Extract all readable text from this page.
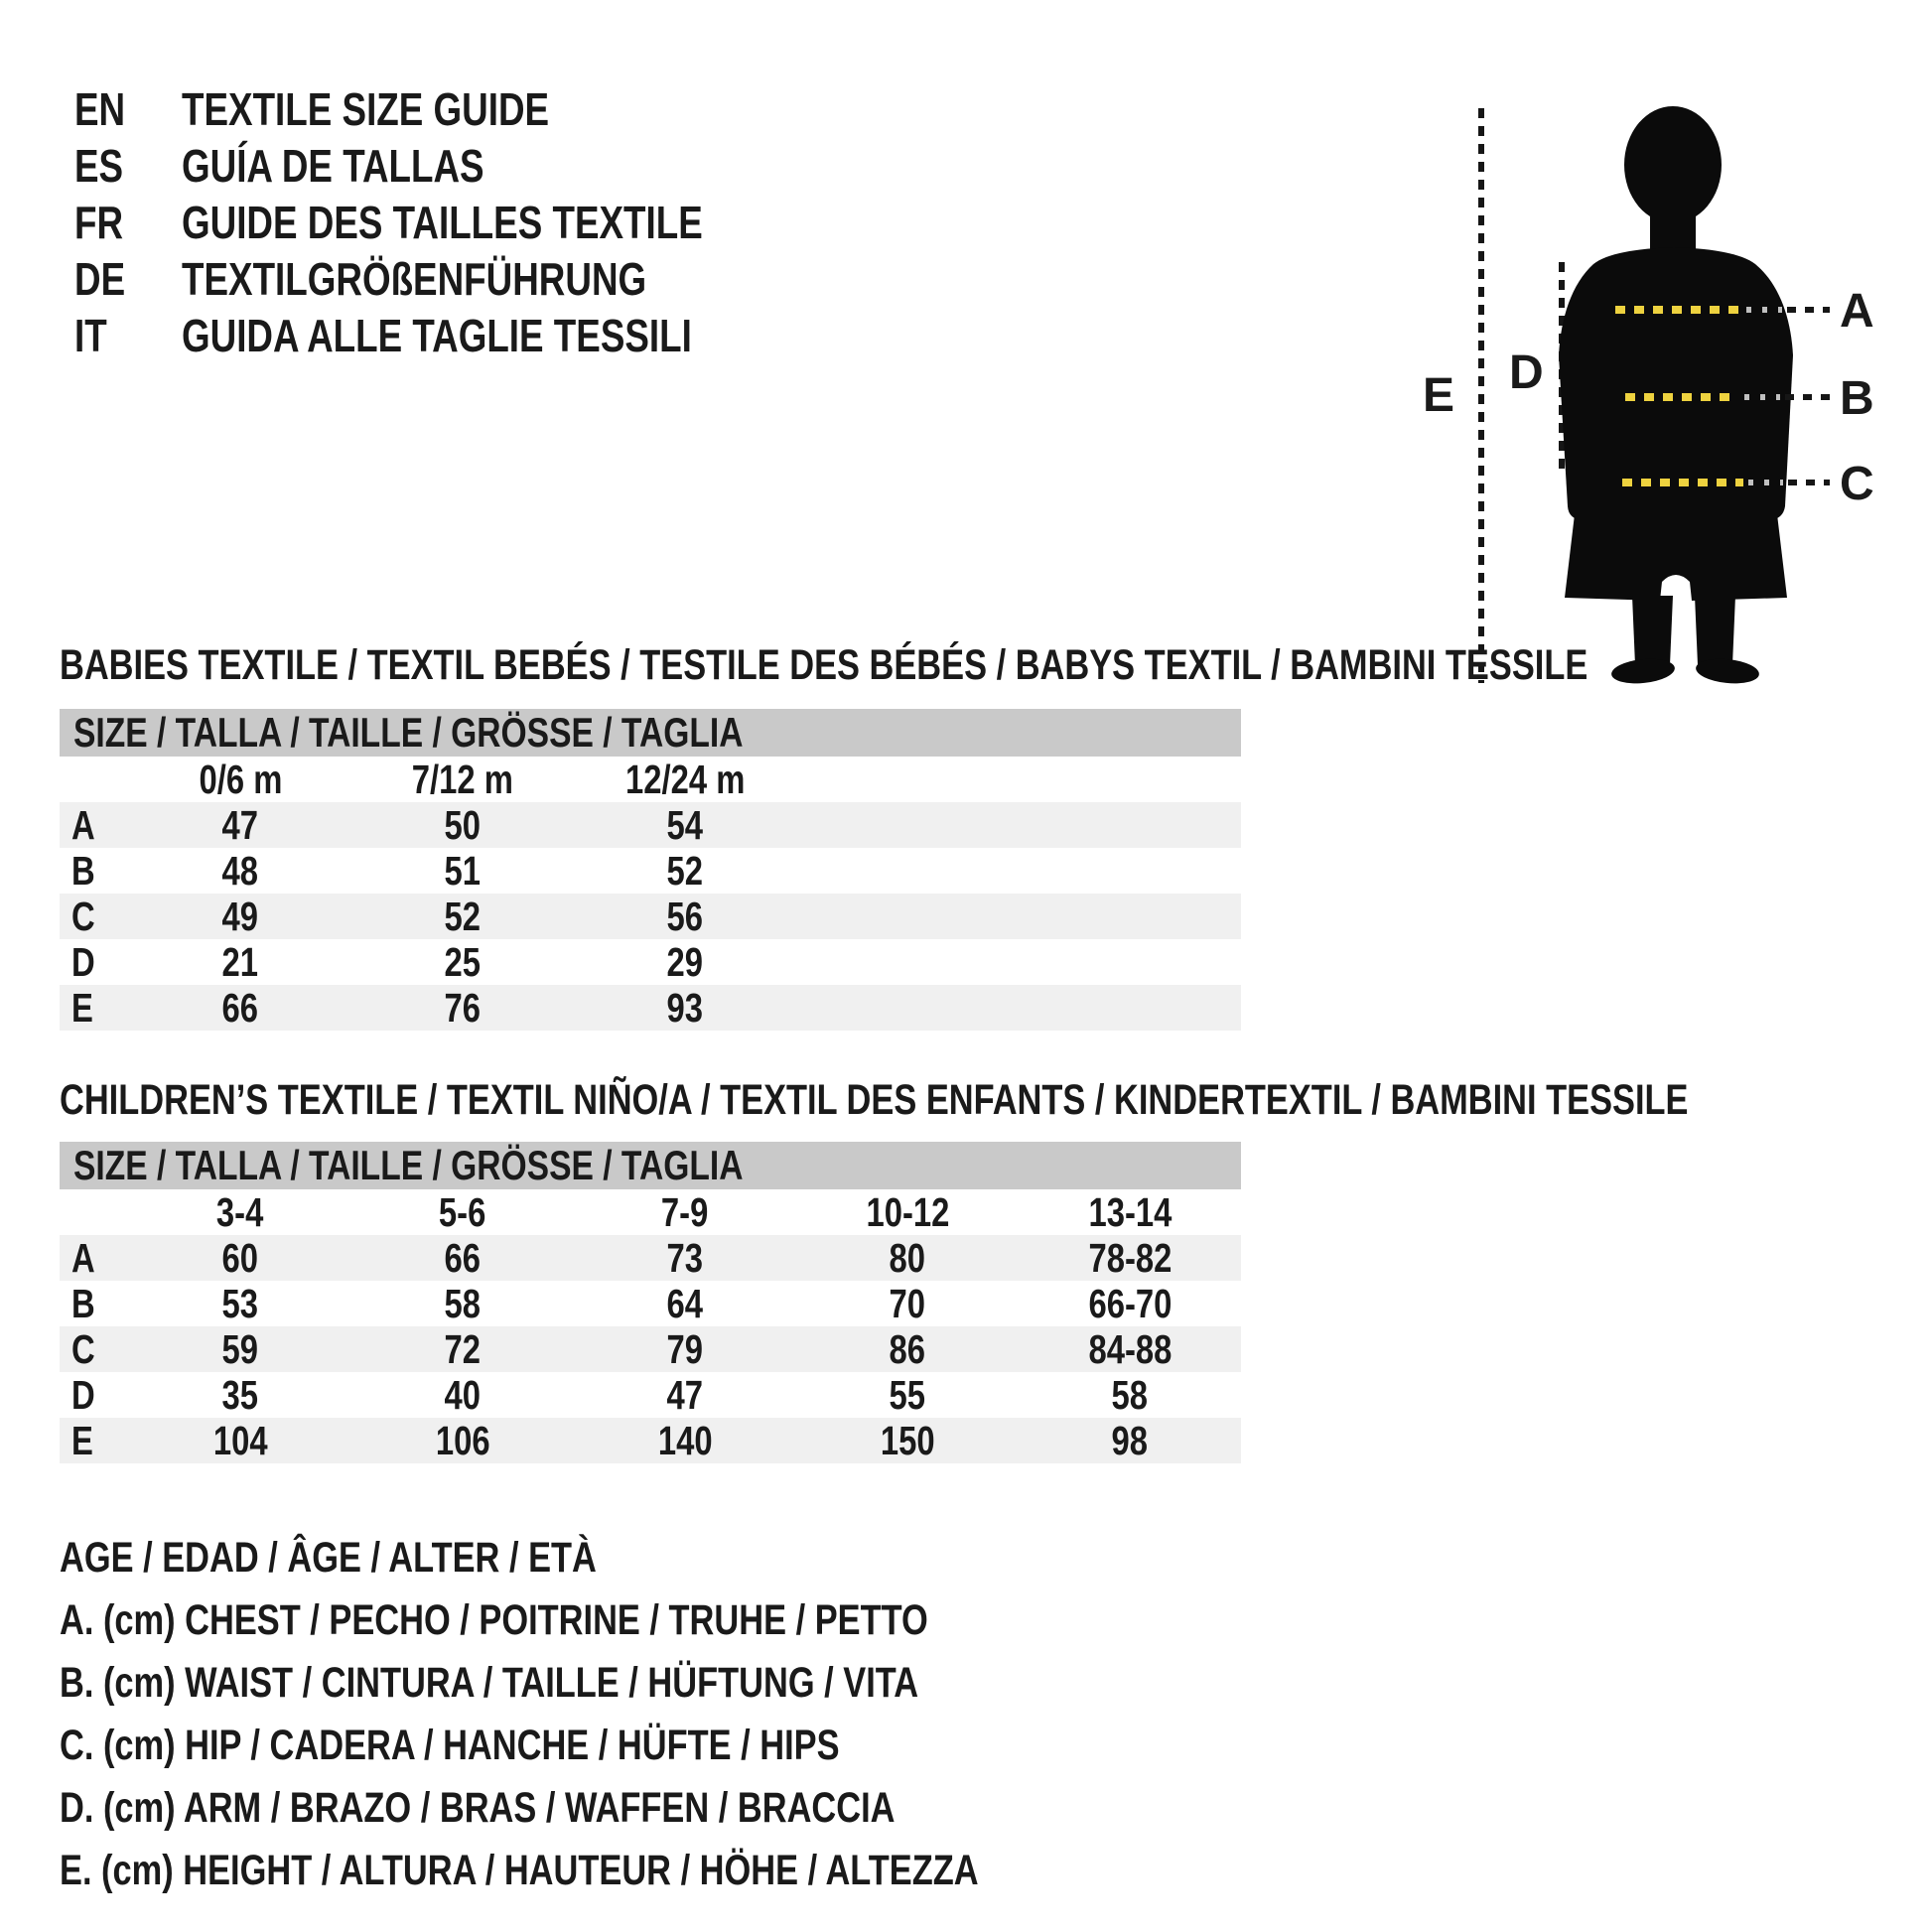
EN TEXTILE SIZE GUIDE
ES GUÍA DE TALLAS
FR GUIDE DES TAILLES TEXTILE
DE TEXTILGRÖßENFÜHRUNG
IT GUIDA ALLE TAGLIE TESSILI	A
B
C
D
E
BABIES TEXTILE / TEXTIL BEBÉS / TESTILE DES BÉBÉS / BABYS TEXTIL / BAMBINI TESSILE
SIZE / TALLA / TAILLE / GRÖSSE / TAGLIA
0/6 m	7/12 m	12/24 m
A	47	50	54
B	48	51	52
C	49	52	56
D	21	25	29
E	66	76	93
CHILDREN’S TEXTILE / TEXTIL NIÑO/A / TEXTIL DES ENFANTS / KINDERTEXTIL / BAMBINI TESSILE
SIZE / TALLA / TAILLE / GRÖSSE / TAGLIA
3-4	5-6	7-9	10-12	13-14
A	60	66	73	80	78-82
B	53	58	64	70	66-70
C	59	72	79	86	84-88
D	35	40	47	55	58
E	104	106	140	150	98
AGE / EDAD / ÂGE / ALTER / ETÀ
A. (cm) CHEST / PECHO / POITRINE / TRUHE / PETTO
B. (cm) WAIST / CINTURA / TAILLE / HÜFTUNG / VITA
C. (cm) HIP / CADERA / HANCHE / HÜFTE / HIPS
D. (cm) ARM / BRAZO / BRAS / WAFFEN / BRACCIA
E. (cm) HEIGHT / ALTURA / HAUTEUR / HÖHE / ALTEZZA
